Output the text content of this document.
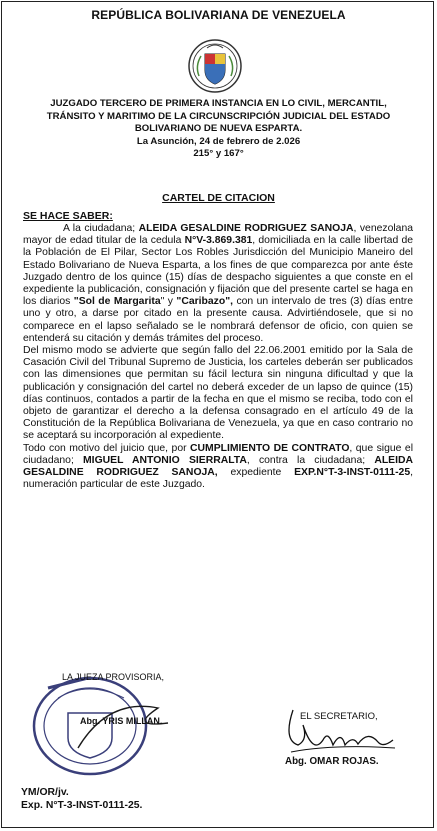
REPÚBLICA BOLIVARIANA DE VENEZUELA
JUZGADO TERCERO DE PRIMERA INSTANCIA EN LO CIVIL, MERCANTIL,
TRÁNSITO Y MARITIMO DE LA CIRCUNSCRIPCIÓN JUDICIAL DEL ESTADO
BOLIVARIANO DE NUEVA ESPARTA.
La Asunción, 24 de febrero de 2.026
215° y 167°
CARTEL DE CITACION
SE HACE SABER:

A la ciudadana; ALEIDA GESALDINE RODRIGUEZ SANOJA, venezolana mayor de edad titular de la cedula N°V-3.869.381, domiciliada en la calle libertad de la Población de El Pilar, Sector Los Robles Jurisdicción del Municipio Maneiro del Estado Bolivariano de Nueva Esparta, a los fines de que comparezca por ante éste Juzgado dentro de los quince (15) días de despacho siguientes a que conste en el expediente la publicación, consignación y fijación que del presente cartel se haga en los diarios "Sol de Margarita" y "Caribazo", con un intervalo de tres (3) días entre uno y otro, a darse por citado en la presente causa. Advirtiéndosele, que si no comparece en el lapso señalado se le nombrará defensor de oficio, con quien se entenderá su citación y demás trámites del proceso.

Del mismo modo se advierte que según fallo del 22.06.2001 emitido por la Sala de Casación Civil del Tribunal Supremo de Justicia, los carteles deberán ser publicados con las dimensiones que permitan su fácil lectura sin ninguna dificultad y que la publicación y consignación del cartel no deberá exceder de un lapso de quince (15) días continuos, contados a partir de la fecha en que el mismo se reciba, todo con el objeto de garantizar el derecho a la defensa consagrado en el artículo 49 de la Constitución de la República Bolivariana de Venezuela, ya que en caso contrario no se aceptará su incorporación al expediente.

Todo con motivo del juicio que, por CUMPLIMIENTO DE CONTRATO, que sigue el ciudadano; MIGUEL ANTONIO SIERRALTA, contra la ciudadana; ALEIDA GESALDINE RODRIGUEZ SANOJA, expediente EXP.N°T-3-INST-0111-25, numeración particular de este Juzgado.

LA JUEZA PROVISORIA,
Abg. YRIS MILLAN.	EL SECRETARIO,
Abg. OMAR ROJAS.
YM/OR/jv.
Exp. N°T-3-INST-0111-25.
